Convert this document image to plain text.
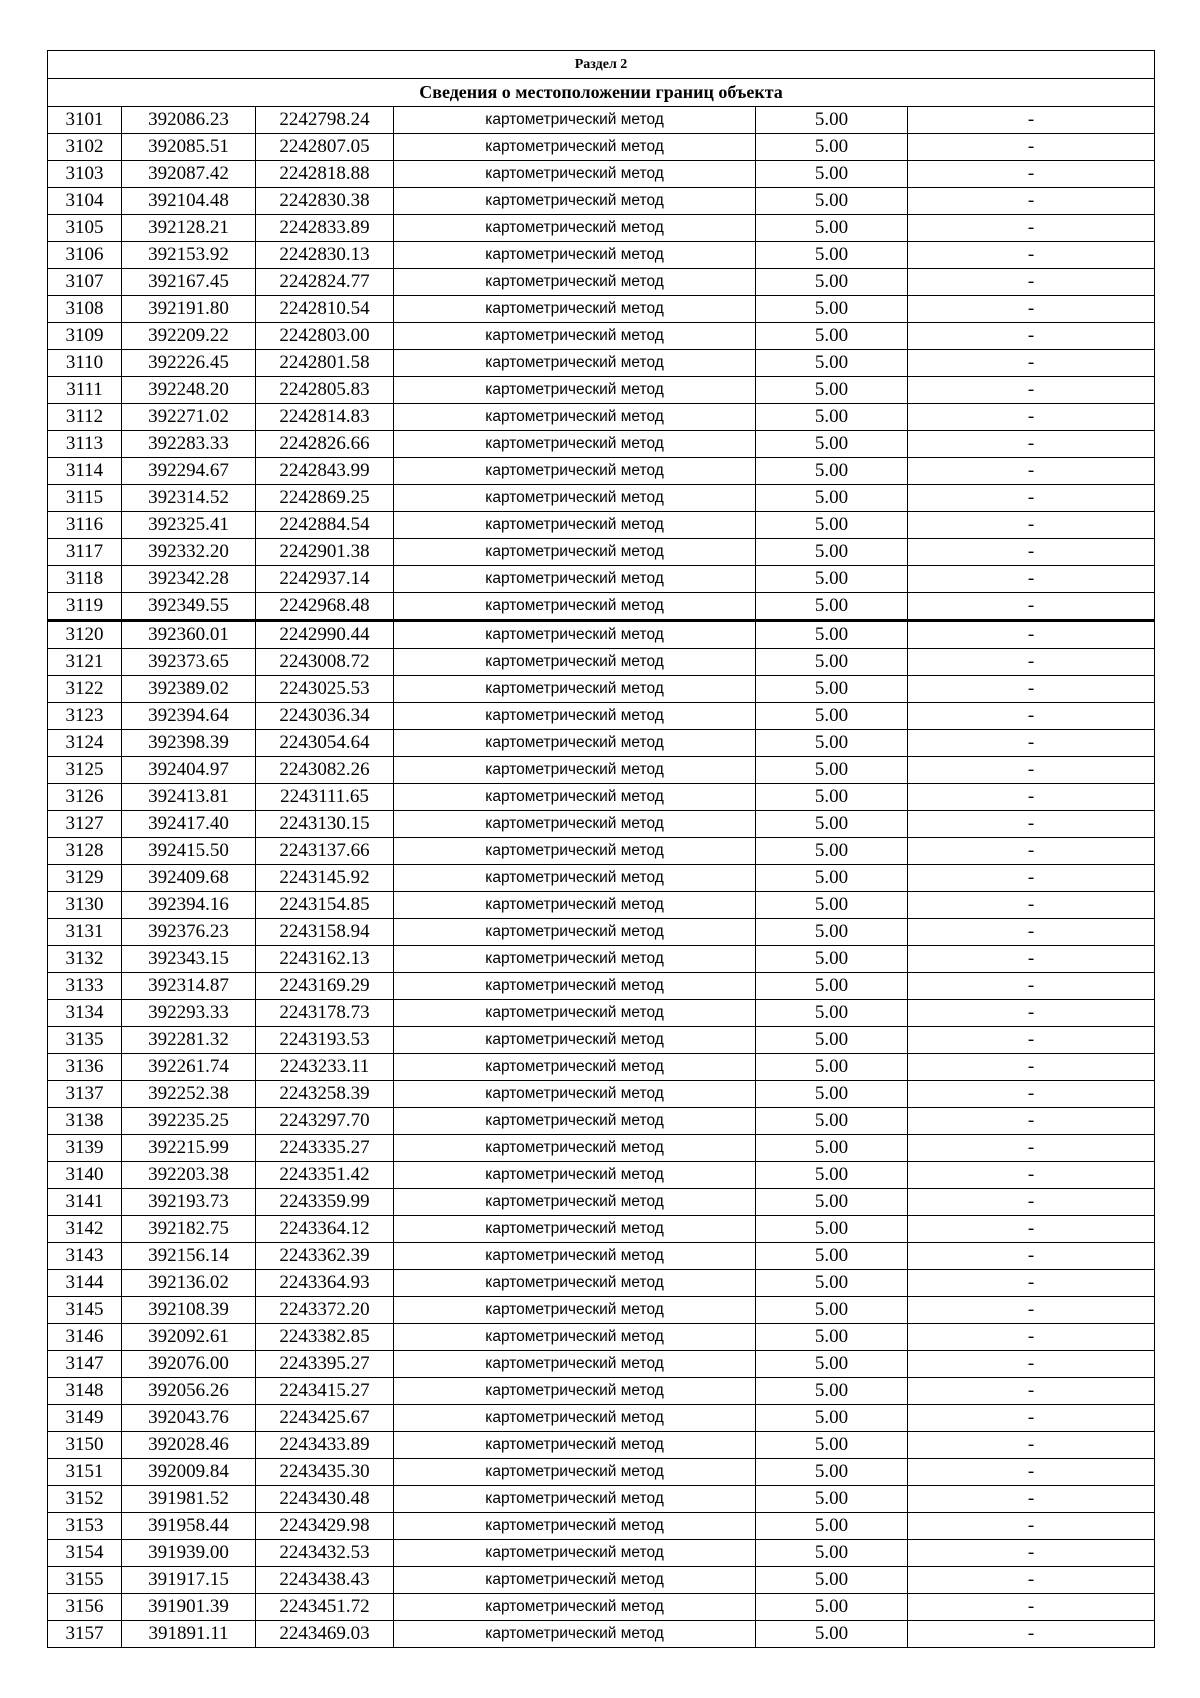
Раздел 2					
Сведения о местоположении границ объекта					
3101	392086.23	2242798.24	картометрический метод	5.00	-
3102	392085.51	2242807.05	картометрический метод	5.00	-
3103	392087.42	2242818.88	картометрический метод	5.00	-
3104	392104.48	2242830.38	картометрический метод	5.00	-
3105	392128.21	2242833.89	картометрический метод	5.00	-
3106	392153.92	2242830.13	картометрический метод	5.00	-
3107	392167.45	2242824.77	картометрический метод	5.00	-
3108	392191.80	2242810.54	картометрический метод	5.00	-
3109	392209.22	2242803.00	картометрический метод	5.00	-
3110	392226.45	2242801.58	картометрический метод	5.00	-
3111	392248.20	2242805.83	картометрический метод	5.00	-
3112	392271.02	2242814.83	картометрический метод	5.00	-
3113	392283.33	2242826.66	картометрический метод	5.00	-
3114	392294.67	2242843.99	картометрический метод	5.00	-
3115	392314.52	2242869.25	картометрический метод	5.00	-
3116	392325.41	2242884.54	картометрический метод	5.00	-
3117	392332.20	2242901.38	картометрический метод	5.00	-
3118	392342.28	2242937.14	картометрический метод	5.00	-
3119	392349.55	2242968.48	картометрический метод	5.00	-
3120	392360.01	2242990.44	картометрический метод	5.00	-
3121	392373.65	2243008.72	картометрический метод	5.00	-
3122	392389.02	2243025.53	картометрический метод	5.00	-
3123	392394.64	2243036.34	картометрический метод	5.00	-
3124	392398.39	2243054.64	картометрический метод	5.00	-
3125	392404.97	2243082.26	картометрический метод	5.00	-
3126	392413.81	2243111.65	картометрический метод	5.00	-
3127	392417.40	2243130.15	картометрический метод	5.00	-
3128	392415.50	2243137.66	картометрический метод	5.00	-
3129	392409.68	2243145.92	картометрический метод	5.00	-
3130	392394.16	2243154.85	картометрический метод	5.00	-
3131	392376.23	2243158.94	картометрический метод	5.00	-
3132	392343.15	2243162.13	картометрический метод	5.00	-
3133	392314.87	2243169.29	картометрический метод	5.00	-
3134	392293.33	2243178.73	картометрический метод	5.00	-
3135	392281.32	2243193.53	картометрический метод	5.00	-
3136	392261.74	2243233.11	картометрический метод	5.00	-
3137	392252.38	2243258.39	картометрический метод	5.00	-
3138	392235.25	2243297.70	картометрический метод	5.00	-
3139	392215.99	2243335.27	картометрический метод	5.00	-
3140	392203.38	2243351.42	картометрический метод	5.00	-
3141	392193.73	2243359.99	картометрический метод	5.00	-
3142	392182.75	2243364.12	картометрический метод	5.00	-
3143	392156.14	2243362.39	картометрический метод	5.00	-
3144	392136.02	2243364.93	картометрический метод	5.00	-
3145	392108.39	2243372.20	картометрический метод	5.00	-
3146	392092.61	2243382.85	картометрический метод	5.00	-
3147	392076.00	2243395.27	картометрический метод	5.00	-
3148	392056.26	2243415.27	картометрический метод	5.00	-
3149	392043.76	2243425.67	картометрический метод	5.00	-
3150	392028.46	2243433.89	картометрический метод	5.00	-
3151	392009.84	2243435.30	картометрический метод	5.00	-
3152	391981.52	2243430.48	картометрический метод	5.00	-
3153	391958.44	2243429.98	картометрический метод	5.00	-
3154	391939.00	2243432.53	картометрический метод	5.00	-
3155	391917.15	2243438.43	картометрический метод	5.00	-
3156	391901.39	2243451.72	картометрический метод	5.00	-
3157	391891.11	2243469.03	картометрический метод	5.00	-
